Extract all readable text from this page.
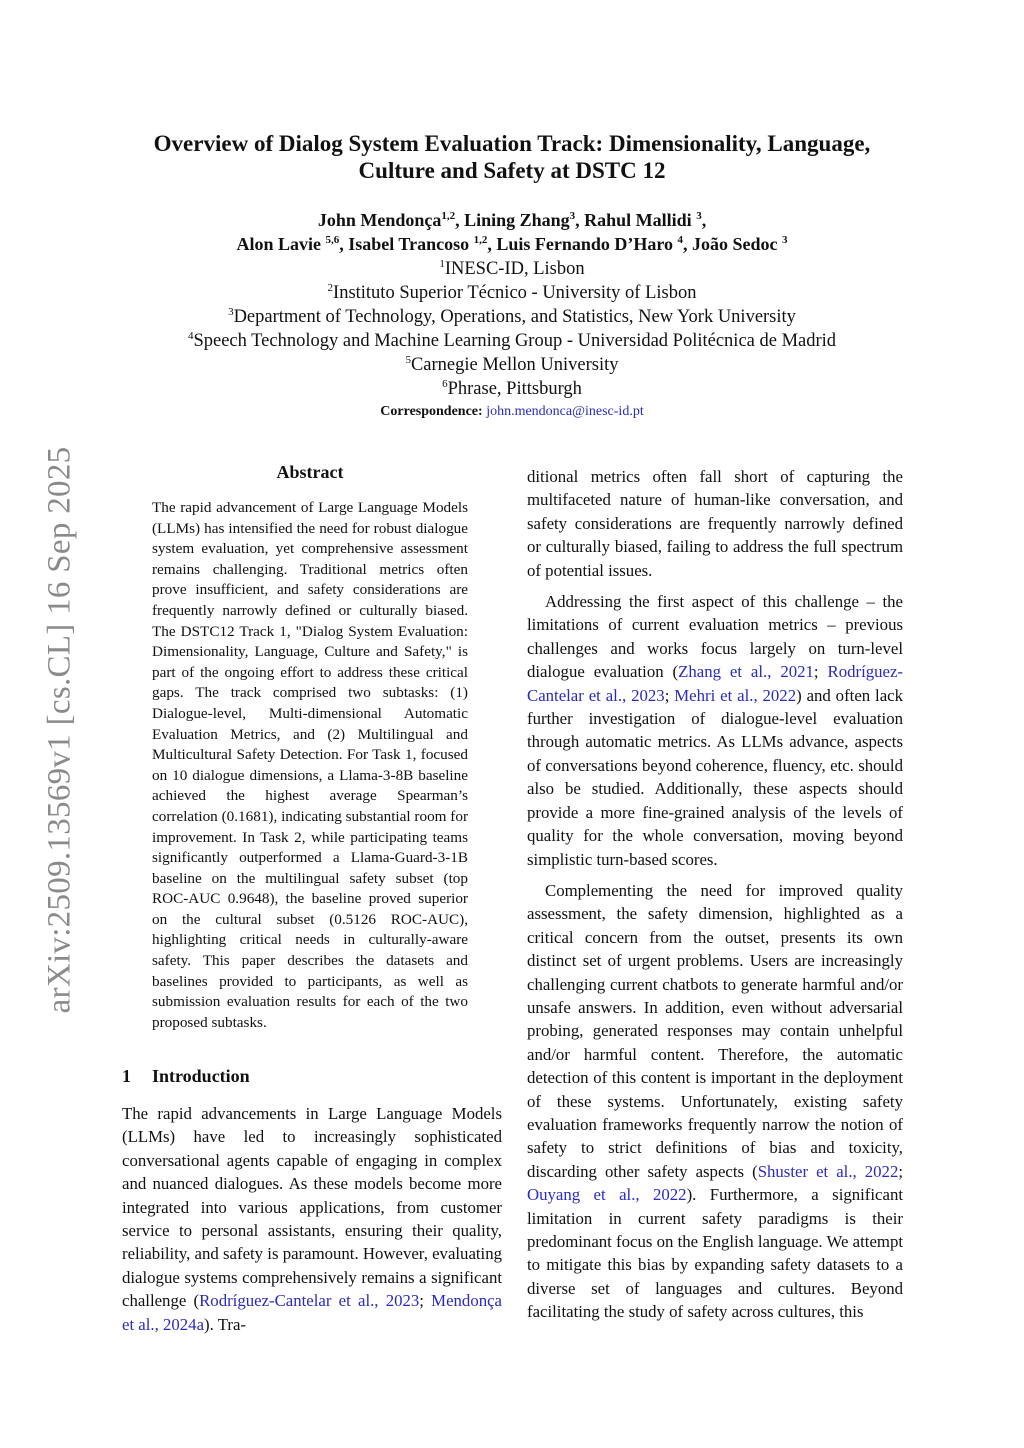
arXiv:2509.13569v1 [cs.CL] 16 Sep 2025
Overview of Dialog System Evaluation Track: Dimensionality, Language,
Culture and Safety at DSTC 12
John Mendonça$^{1,2}$, Lining Zhang$^3$, Rahul Mallidi $^3$,
Alon Lavie $^{5,6}$, Isabel Trancoso $^{1,2}$, Luis Fernando D’Haro $^4$, João Sedoc $^3$
$^1$INESC-ID, Lisbon
$^2$Instituto Superior Técnico - University of Lisbon
$^3$Department of Technology, Operations, and Statistics, New York University
$^4$Speech Technology and Machine Learning Group - Universidad Politécnica de Madrid
$^5$Carnegie Mellon University
$^6$Phrase, Pittsburgh
Correspondence: john.mendonca@inesc-id.pt
Abstract
The rapid advancement of Large Language Models (LLMs) has intensified the need for robust dialogue system evaluation, yet comprehensive assessment remains challenging. Traditional metrics often prove insufficient, and safety considerations are frequently narrowly defined or culturally biased. The DSTC12 Track 1, "Dialog System Evaluation: Dimensionality, Language, Culture and Safety," is part of the ongoing effort to address these critical gaps. The track comprised two subtasks: (1) Dialogue-level, Multi-dimensional Automatic Evaluation Metrics, and (2) Multilingual and Multicultural Safety Detection. For Task 1, focused on 10 dialogue dimensions, a Llama-3-8B baseline achieved the highest average Spearman’s correlation (0.1681), indicating substantial room for improvement. In Task 2, while participating teams significantly outperformed a Llama-Guard-3-1B baseline on the multilingual safety subset (top ROC-AUC 0.9648), the baseline proved superior on the cultural subset (0.5126 ROC-AUC), highlighting critical needs in culturally-aware safety. This paper describes the datasets and baselines provided to participants, as well as submission evaluation results for each of the two proposed subtasks.
1 Introduction
The rapid advancements in Large Language Models (LLMs) have led to increasingly sophisticated conversational agents capable of engaging in complex and nuanced dialogues. As these models become more integrated into various applications, from customer service to personal assistants, ensuring their quality, reliability, and safety is paramount. However, evaluating dialogue systems comprehensively remains a significant challenge (Rodríguez-Cantelar et al., 2023; Mendonça et al., 2024a). Tra-

ditional metrics often fall short of capturing the multifaceted nature of human-like conversation, and safety considerations are frequently narrowly defined or culturally biased, failing to address the full spectrum of potential issues.

Addressing the first aspect of this challenge – the limitations of current evaluation metrics – previous challenges and works focus largely on turn-level dialogue evaluation (Zhang et al., 2021; Rodríguez-Cantelar et al., 2023; Mehri et al., 2022) and often lack further investigation of dialogue-level evaluation through automatic metrics. As LLMs advance, aspects of conversations beyond coherence, fluency, etc. should also be studied. Additionally, these aspects should provide a more fine-grained analysis of the levels of quality for the whole conversation, moving beyond simplistic turn-based scores.

Complementing the need for improved quality assessment, the safety dimension, highlighted as a critical concern from the outset, presents its own distinct set of urgent problems. Users are increasingly challenging current chatbots to generate harmful and/or unsafe answers. In addition, even without adversarial probing, generated responses may contain unhelpful and/or harmful content. Therefore, the automatic detection of this content is important in the deployment of these systems. Unfortunately, existing safety evaluation frameworks frequently narrow the notion of safety to strict definitions of bias and toxicity, discarding other safety aspects (Shuster et al., 2022; Ouyang et al., 2022). Furthermore, a significant limitation in current safety paradigms is their predominant focus on the English language. We attempt to mitigate this bias by expanding safety datasets to a diverse set of languages and cultures. Beyond facilitating the study of safety across cultures, this
